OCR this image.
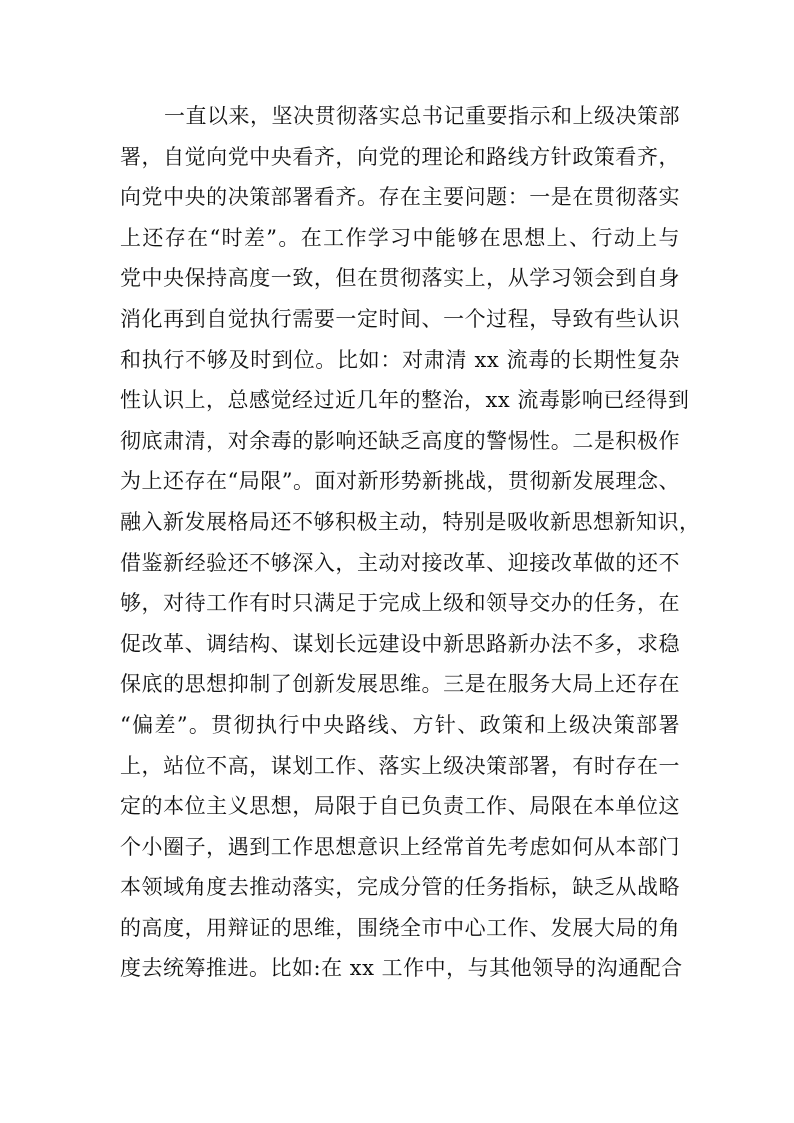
一直以来，坚决贯彻落实总书记重要指示和上级决策部
署，自觉向党中央看齐，向党的理论和路线方针政策看齐，
向党中央的决策部署看齐。存在主要问题：一是在贯彻落实
上还存在“时差”。在工作学习中能够在思想上、行动上与
党中央保持高度一致，但在贯彻落实上，从学习领会到自身
消化再到自觉执行需要一定时间、一个过程，导致有些认识
和执行不够及时到位。比如：对肃清 xx 流毒的长期性复杂
性认识上，总感觉经过近几年的整治，xx 流毒影响已经得到
彻底肃清，对余毒的影响还缺乏高度的警惕性。二是积极作
为上还存在“局限”。面对新形势新挑战，贯彻新发展理念、
融入新发展格局还不够积极主动，特别是吸收新思想新知识，
借鉴新经验还不够深入，主动对接改革、迎接改革做的还不
够，对待工作有时只满足于完成上级和领导交办的任务，在
促改革、调结构、谋划长远建设中新思路新办法不多，求稳
保底的思想抑制了创新发展思维。三是在服务大局上还存在
“偏差”。贯彻执行中央路线、方针、政策和上级决策部署
上，站位不高，谋划工作、落实上级决策部署，有时存在一
定的本位主义思想，局限于自已负责工作、局限在本单位这
个小圈子，遇到工作思想意识上经常首先考虑如何从本部门
本领域角度去推动落实，完成分管的任务指标，缺乏从战略
的高度，用辩证的思维，围绕全市中心工作、发展大局的角
度去统筹推进。比如:在 xx 工作中，与其他领导的沟通配合
